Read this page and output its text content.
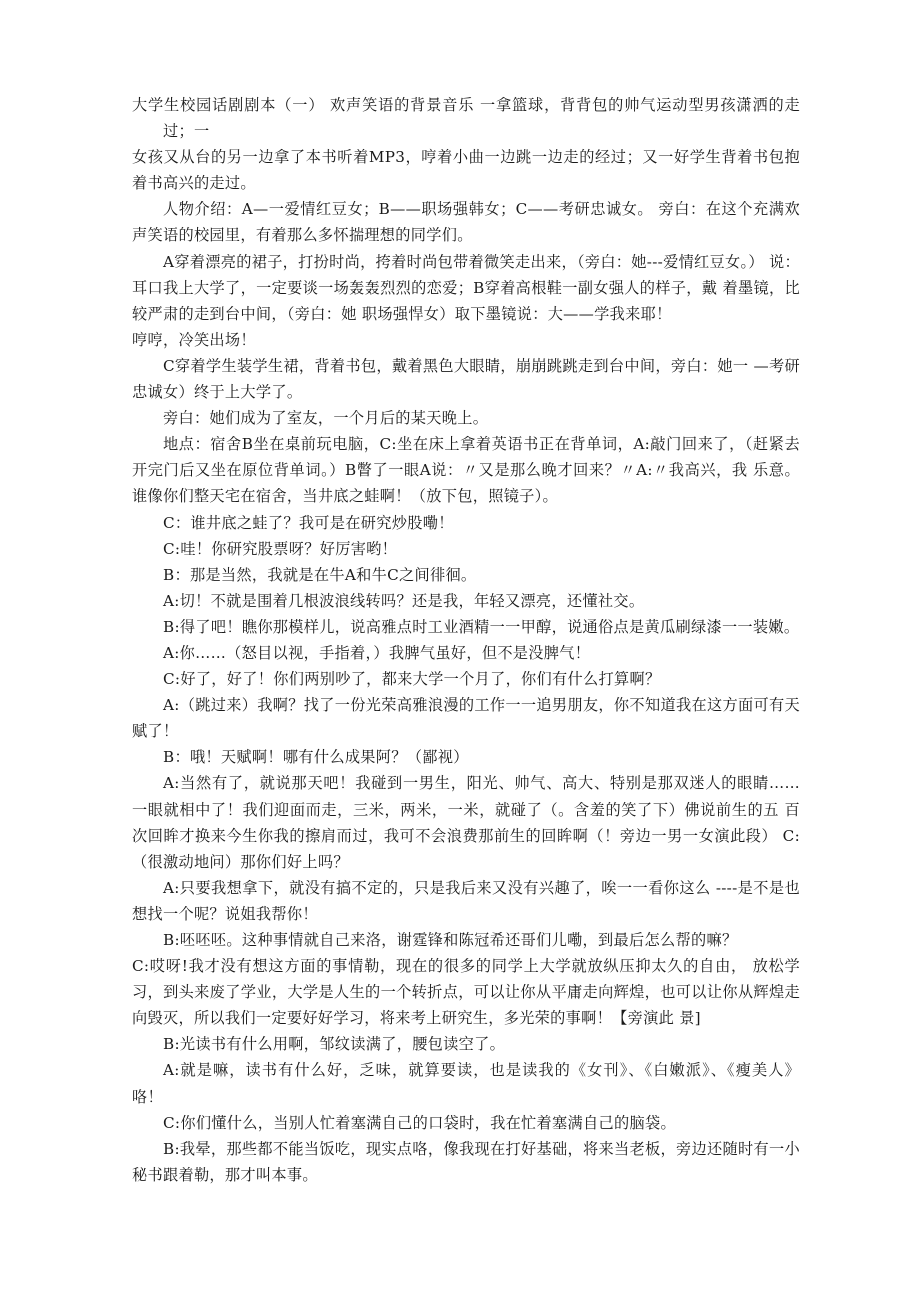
大学生校园话剧剧本（一） 欢声笑语的背景音乐 一拿篮球，背背包的帅气运动型男孩潇洒的走过；一

女孩又从台的另一边拿了本书听着MP3，哼着小曲一边跳一边走的经过；又一好学生背着书包抱着书高兴的走过。

人物介绍：A—一爱情红豆女；B——职场强韩女；C——考研忠诚女。 旁白：在这个充满欢声笑语的校园里，有着那么多怀揣理想的同学们。

A穿着漂亮的裙子，打扮时尚，挎着时尚包带着微笑走出来，（旁白：她---爱情红豆女。） 说：耳口我上大学了，一定要谈一场轰轰烈烈的恋爱；B穿着高根鞋一副女强人的样子，戴 着墨镜，比较严肃的走到台中间，（旁白：她 职场强悍女）取下墨镜说：大——学我来耶！

哼哼，冷笑出场！

C穿着学生装学生裙，背着书包，戴着黑色大眼睛，崩崩跳跳走到台中间，旁白：她一 —考研忠诚女）终于上大学了。

旁白：她们成为了室友，一个月后的某天晚上。

地点：宿舍B坐在桌前玩电脑，C:坐在床上拿着英语书正在背单词，A:敲门回来了，（赶紧去开完门后又坐在原位背单词。）B瞥了一眼A说：〃又是那么晚才回来？〃A:〃我高兴，我 乐意。谁像你们整天宅在宿舍，当井底之蛙啊！（放下包，照镜子）。

C：谁井底之蛙了？我可是在研究炒股嘞！

C:哇！你研究股票呀？好厉害哟！

B：那是当然，我就是在牛A和牛C之间徘徊。

A:切！不就是围着几根波浪线转吗？还是我，年轻又漂亮，还懂社交。

B:得了吧！瞧你那模样儿，说高雅点时工业酒精一一甲醇，说通俗点是黄瓜刷绿漆一一装嫩。

A:你……（怒目以视，手指着，）我脾气虽好，但不是没脾气！

C:好了，好了！你们两别吵了，都来大学一个月了，你们有什么打算啊？

A:（跳过来）我啊？找了一份光荣高雅浪漫的工作一一追男朋友，你不知道我在这方面可有天赋了！

B：哦！天赋啊！哪有什么成果阿？（鄙视）

A:当然有了，就说那天吧！我碰到一男生，阳光、帅气、高大、特别是那双迷人的眼睛…… 一眼就相中了！我们迎面而走，三米，两米，一米，就碰了（。含羞的笑了下）佛说前生的五 百次回眸才换来今生你我的擦肩而过，我可不会浪费那前生的回眸啊（！旁边一男一女演此段） C:（很激动地问）那你们好上吗？

A:只要我想拿下，就没有搞不定的，只是我后来又没有兴趣了，唉一一看你这么 ----是不是也想找一个呢？说姐我帮你！

B:呸呸呸。这种事情就自己来洛，谢霆锋和陈冠希还哥们儿嘞，到最后怎么帮的嘛？

C:哎呀!我才没有想这方面的事情勒，现在的很多的同学上大学就放纵压抑太久的自由， 放松学习，到头来废了学业，大学是人生的一个转折点，可以让你从平庸走向辉煌，也可以让你从辉煌走向毁灭，所以我们一定要好好学习，将来考上研究生，多光荣的事啊！【旁演此 景]

B:光读书有什么用啊，邹纹读满了，腰包读空了。

A:就是嘛，读书有什么好，乏味，就算要读，也是读我的《女刊》、《白嫩派》、《瘦美人》 咯！

C:你们懂什么，当别人忙着塞满自己的口袋时，我在忙着塞满自己的脑袋。

B:我晕，那些都不能当饭吃，现实点咯，像我现在打好基础，将来当老板，旁边还随时有一小秘书跟着勒，那才叫本事。
